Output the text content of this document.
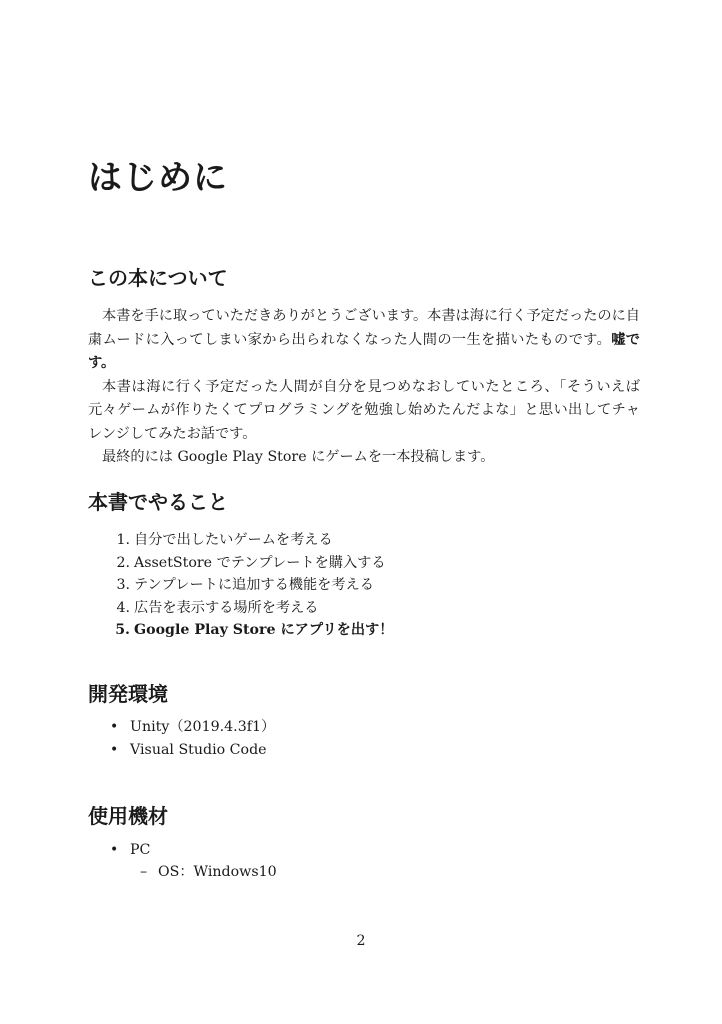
はじめに
この本について

本書を手に取っていただきありがとうございます。本書は海に行く予定だったのに自粛ムードに入ってしまい家から出られなくなった人間の一生を描いたものです。嘘です。

本書は海に行く予定だった人間が自分を見つめなおしていたところ、「そういえば元々ゲームが作りたくてプログラミングを勉強し始めたんだよな」と思い出してチャレンジしてみたお話です。

最終的には Google Play Store にゲームを一本投稿します。

本書でやること
1. 自分で出したいゲームを考える
2. AssetStore でテンプレートを購入する
3. テンプレートに追加する機能を考える
4. 広告を表示する場所を考える
5. Google Play Store にアプリを出す！
開発環境
• Unity（2019.4.3f1）
• Visual Studio Code
使用機材
• PC
– OS：Windows10
2
